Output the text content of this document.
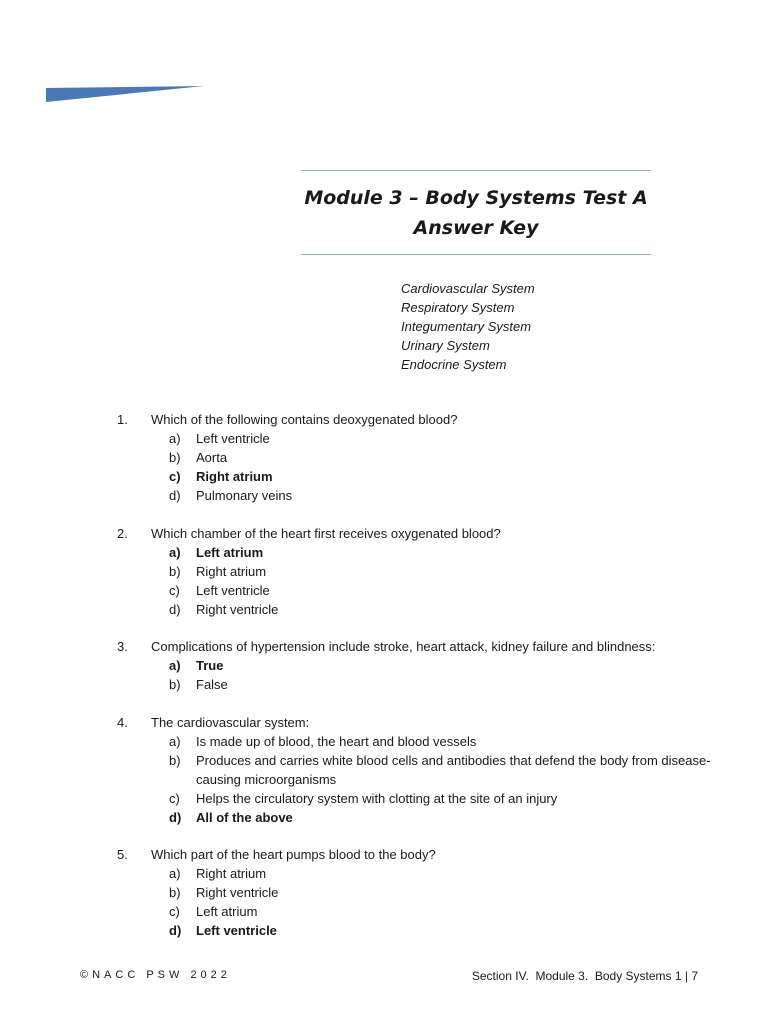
Module 3 – Body Systems Test A
Answer Key
Cardiovascular System
Respiratory System
Integumentary System
Urinary System
Endocrine System
1.	Which of the following contains deoxygenated blood?
a) Left ventricle
b) Aorta
c) Right atrium
d) Pulmonary veins
2.	Which chamber of the heart first receives oxygenated blood?
a) Left atrium
b) Right atrium
c) Left ventricle
d) Right ventricle
3.	Complications of hypertension include stroke, heart attack, kidney failure and blindness:
a) True
b) False
4.	The cardiovascular system:
a) Is made up of blood, the heart and blood vessels
b) Produces and carries white blood cells and antibodies that defend the body from disease-causing microorganisms
c) Helps the circulatory system with clotting at the site of an injury
d) All of the above
5.	Which part of the heart pumps blood to the body?
a) Right atrium
b) Right ventricle
c) Left atrium
d) Left ventricle
©NACC PSW 2022	Section IV.  Module 3.  Body Systems 1 | 7
